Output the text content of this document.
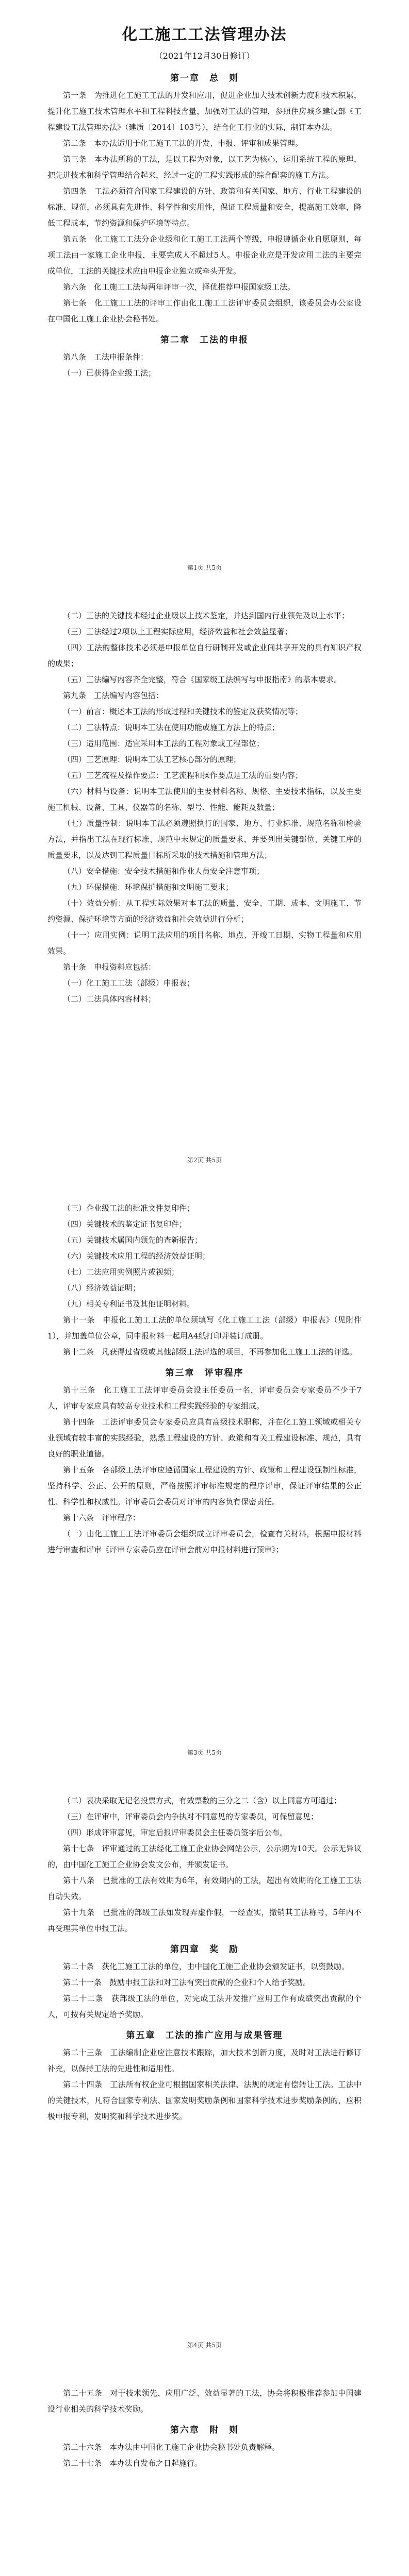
化工施工工法管理办法
（2021年12月30日修订）
第一章　总　则
第一条　为推进化工施工工法的开发和应用，促进企业加大技术创新力度和技术积累，提升化工施工技术管理水平和工程科技含量，加强对工法的管理，参照住房城乡建设部《工程建设工法管理办法》（建质〔2014〕103号），结合化工行业的实际，制订本办法。
第二条　本办法适用于化工施工工法的开发、申报、评审和成果管理。
第三条　本办法所称的工法，是以工程为对象，以工艺为核心，运用系统工程的原理，把先进技术和科学管理结合起来，经过一定的工程实践形成的综合配套的施工方法。
第四条　工法必须符合国家工程建设的方针、政策和有关国家、地方、行业工程建设的标准、规范，必须具有先进性、科学性和实用性，保证工程质量和安全，提高施工效率，降低工程成本，节约资源和保护环境等特点。
第五条　化工施工工法分企业级和化工施工工法两个等级，申报遵循企业自愿原则，每项工法由一家施工企业申报，主要完成人不超过5人。申报企业应是开发应用工法的主要完成单位，工法的关键技术应由申报企业独立或牵头开发。
第六条　化工施工工法每两年评审一次，择优推荐申报国家级工法。
第七条　化工施工工法的评审工作由化工施工工法评审委员会组织，该委员会办公室设在中国化工施工企业协会秘书处。
第二章　工法的申报
第八条　工法申报条件：
（一）已获得企业级工法；
第1页 共5页
（二）工法的关键技术经过企业级以上技术鉴定，并达到国内行业领先及以上水平；
（三）工法经过2项以上工程实际应用，经济效益和社会效益显著；
（四）工法的整体技术必须是申报单位自行研制开发或企业间共享开发的具有知识产权的成果；
（五）工法编写内容齐全完整，符合《国家级工法编写与申报指南》的基本要求。
第九条　工法编写内容包括：
（一）前言：概述本工法的形成过程和关键技术的鉴定及获奖情况等；
（二）工法特点：说明本工法在使用功能或施工方法上的特点；
（三）适用范围：适宜采用本工法的工程对象或工程部位；
（四）工艺原理：说明本工法工艺核心部分的原理；
（五）工艺流程及操作要点：工艺流程和操作要点是工法的重要内容；
（六）材料与设备：说明本工法使用的主要材料名称、规格、主要技术指标，以及主要施工机械、设备、工具、仪器等的名称、型号、性能、能耗及数量；
（七）质量控制：说明本工法必须遵照执行的国家、地方、行业标准、规范名称和检验方法，并指出工法在现行标准、规范中未规定的质量要求，并要列出关键部位、关键工序的质量要求，以及达到工程质量目标所采取的技术措施和管理方法；
（八）安全措施：安全技术措施和作业人员安全注意事项；
（九）环保措施：环境保护措施和文明施工要求；
（十）效益分析：从工程实际效果对本工法的质量、安全、工期、成本、文明施工、节约资源、保护环境等方面的经济效益和社会效益进行分析；
（十一）应用实例：说明工法应用的项目名称、地点、开竣工日期、实物工程量和应用效果。
第十条　申报资料应包括：
（一）化工施工工法（部级）申报表；
（二）工法具体内容材料；
第2页 共5页
（三）企业级工法的批准文件复印件；
（四）关键技术的鉴定证书复印件；
（五）关键技术属国内领先的查新报告；
（六）关键技术应用工程的经济效益证明；
（七）工法应用实例照片或视频；
（八）经济效益证明；
（九）相关专利证书及其他证明材料。
第十一条　申报化工施工工法的单位须填写《化工施工工法（部级）申报表》（见附件1），并加盖单位公章，同申报材料一起用A4纸打印并装订成册。
第十二条　凡获得过省级或其他部级工法评选的项目，不再参加化工施工工法的评选。
第三章　评审程序
第十三条　化工施工工法评审委员会设主任委员一名，评审委员会专家委员不少于7人，评审专家应具有较高专业技术和工程实践经验的专家组成。
第十四条　工法评审委员会专家委员应具有高级技术职称，并在化工施工领域或相关专业领域有较丰富的实践经验，熟悉工程建设的方针、政策和有关工程建设标准、规范，具有良好的职业道德。
第十五条　各部级工法评审应遵循国家工程建设的方针、政策和工程建设强制性标准，坚持科学、公正、公开的原则，严格按照评审标准规定的程序评审，保证评审结果的公正性、科学性和权威性。评审委员会委员对评审的内容负有保密责任。
第十六条　评审程序：
（一）由化工施工工法评审委员会组织成立评审委员会，检查有关材料，根据申报材料进行审查和评审《评审专家委员应在评审会前对申报材料进行预审》；
第3页 共5页
（二）表决采取无记名投票方式，有效票数的三分之二（含）以上同意方可通过；
（三）在评审中，评审委员会内争执对不同意见的专家委员，可保留意见；
（四）形成评审意见，审定后报评审委员会主任委员签字后公布。
第十七条　评审通过的工法经化工施工企业协会网站公示，公示期为10天。公示无异议的，由中国化工施工企业协会发文公布，并颁发证书。
第十八条　已批准的工法有效期为6年，有效期内的工法，超出有效期的化工施工工法自动失效。
第十九条　已批准的部级工法如发现弄虚作假，一经查实，撤销其工法称号，5年内不再受理其单位申报工法。
第四章　奖　励
第二十条　获化工施工工法的单位，由中国化工施工企业协会颁发证书，以资鼓励。
第二十一条　鼓励申报工法和对工法有突出贡献的企业和个人给予奖励。
第二十二条　获部级工法的单位，对完成工法开发推广应用工作有成绩突出贡献的个人，可按有关规定给予奖励。
第五章　工法的推广应用与成果管理
第二十三条　工法编制企业应注意技术跟踪，加大技术创新力度，及时对工法进行修订补充，以保持工法的先进性和适用性。
第二十四条　工法所有权企业可根据国家相关法律、法规的规定有偿转让工法。工法中的关键技术，凡符合国家专利法、国家发明奖励条例和国家科学技术进步奖励条例的，应积极申报专利，发明奖和科学技术进步奖。
第4页 共5页
第二十五条　对于技术领先、应用广泛、效益显著的工法，协会将积极推荐参加中国建设行业相关的科学技术奖励。
第六章　附　则
第二十六条　本办法由中国化工施工企业协会秘书处负责解释。
第二十七条　本办法自发布之日起施行。
